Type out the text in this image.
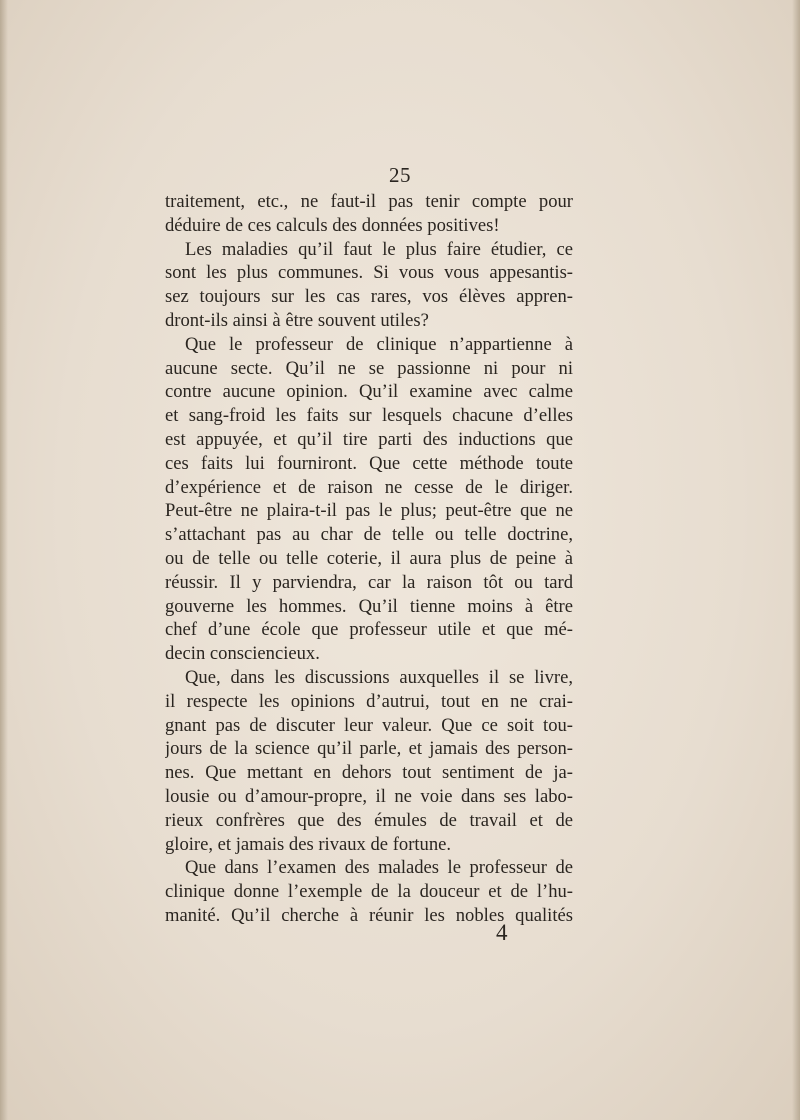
25
traitement, etc., ne faut-il pas tenir compte pour
déduire de ces calculs des données positives!
Les maladies qu’il faut le plus faire étudier, ce
sont les plus communes. Si vous vous appesantis-
sez toujours sur les cas rares, vos élèves appren-
dront-ils ainsi à être souvent utiles?
Que le professeur de clinique n’appartienne à
aucune secte. Qu’il ne se passionne ni pour ni
contre aucune opinion. Qu’il examine avec calme
et sang-froid les faits sur lesquels chacune d’elles
est appuyée, et qu’il tire parti des inductions que
ces faits lui fourniront. Que cette méthode toute
d’expérience et de raison ne cesse de le diriger.
Peut-être ne plaira-t-il pas le plus; peut-être que ne
s’attachant pas au char de telle ou telle doctrine,
ou de telle ou telle coterie, il aura plus de peine à
réussir. Il y parviendra, car la raison tôt ou tard
gouverne les hommes. Qu’il tienne moins à être
chef d’une école que professeur utile et que mé-
decin consciencieux.
Que, dans les discussions auxquelles il se livre,
il respecte les opinions d’autrui, tout en ne crai-
gnant pas de discuter leur valeur. Que ce soit tou-
jours de la science qu’il parle, et jamais des person-
nes. Que mettant en dehors tout sentiment de ja-
lousie ou d’amour-propre, il ne voie dans ses labo-
rieux confrères que des émules de travail et de
gloire, et jamais des rivaux de fortune.
Que dans l’examen des malades le professeur de
clinique donne l’exemple de la douceur et de l’hu-
manité. Qu’il cherche à réunir les nobles qualités
4
